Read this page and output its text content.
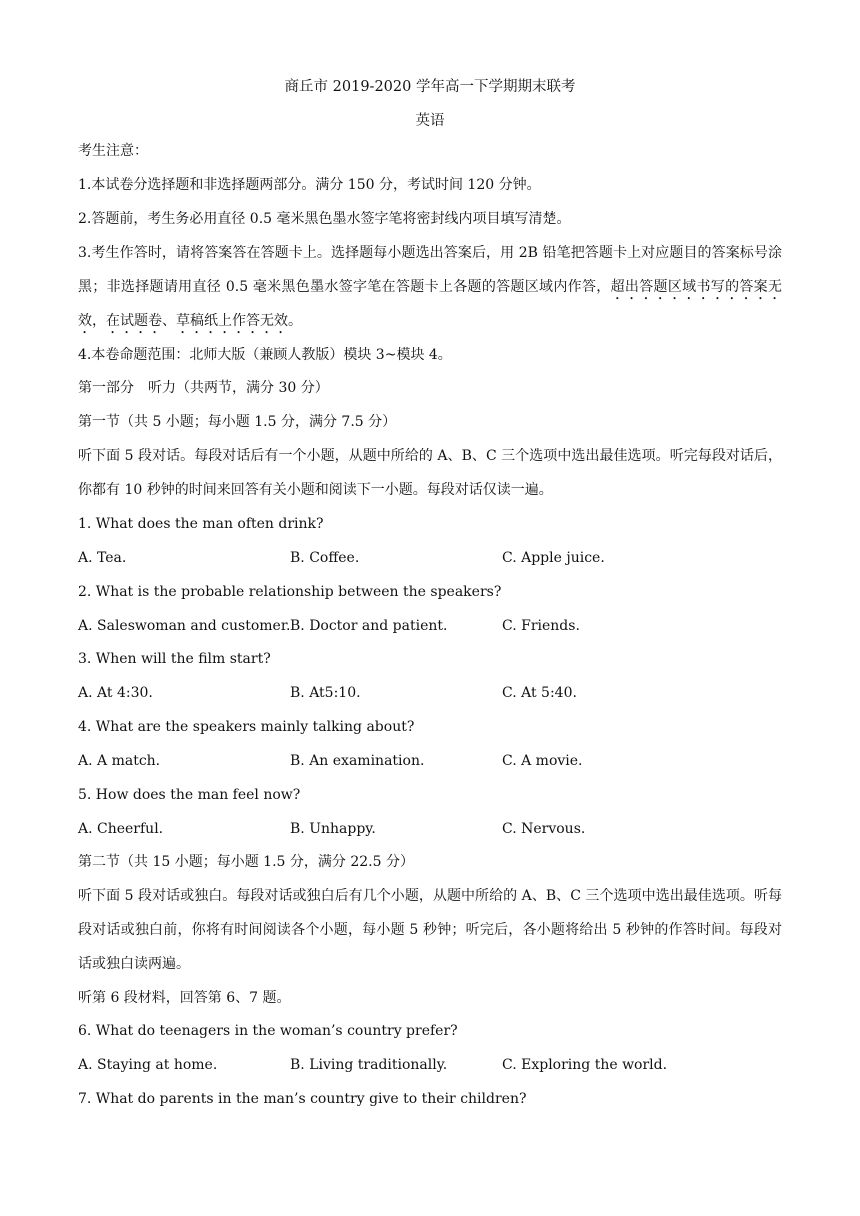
商丘市 2019-2020 学年高一下学期期末联考
英语
考生注意：
1.本试卷分选择题和非选择题两部分。满分 150 分，考试时间 120 分钟。
2.答题前，考生务必用直径 0.5 毫米黑色墨水签字笔将密封线内项目填写清楚。
3.考生作答时，请将答案答在答题卡上。选择题每小题选出答案后，用 2B 铅笔把答题卡上对应题目的答案标号涂黑；非选择题请用直径 0.5 毫米黑色墨水签字笔在答题卡上各题的答题区域内作答，超出答题区域书写的答案无效，在试题卷、草稿纸上作答无效。
4.本卷命题范围：北师大版（兼顾人教版）模块 3~模块 4。
第一部分　听力（共两节，满分 30 分）
第一节（共 5 小题；每小题 1.5 分，满分 7.5 分）
听下面 5 段对话。每段对话后有一个小题，从题中所给的 A、B、C 三个选项中选出最佳选项。听完每段对话后，你都有 10 秒钟的时间来回答有关小题和阅读下一小题。每段对话仅读一遍。
1. What does the man often drink?
A. Tea.	B. Coffee.	C. Apple juice.
2. What is the probable relationship between the speakers?
A. Saleswoman and customer. B. Doctor and patient.	C. Friends.
3. When will the film start?
A. At 4:30.	B. At5:10.	C. At 5:40.
4. What are the speakers mainly talking about?
A. A match.	B. An examination.	C. A movie.
5. How does the man feel now?
A. Cheerful.	B. Unhappy.	C. Nervous.
第二节（共 15 小题；每小题 1.5 分，满分 22.5 分）
听下面 5 段对话或独白。每段对话或独白后有几个小题，从题中所给的 A、B、C 三个选项中选出最佳选项。听每段对话或独白前，你将有时间阅读各个小题，每小题 5 秒钟；听完后，各小题将给出 5 秒钟的作答时间。每段对话或独白读两遍。
听第 6 段材料，回答第 6、7 题。
6. What do teenagers in the woman’s country prefer?
A. Staying at home.	B. Living traditionally.	C. Exploring the world.
7. What do parents in the man’s country give to their children?
